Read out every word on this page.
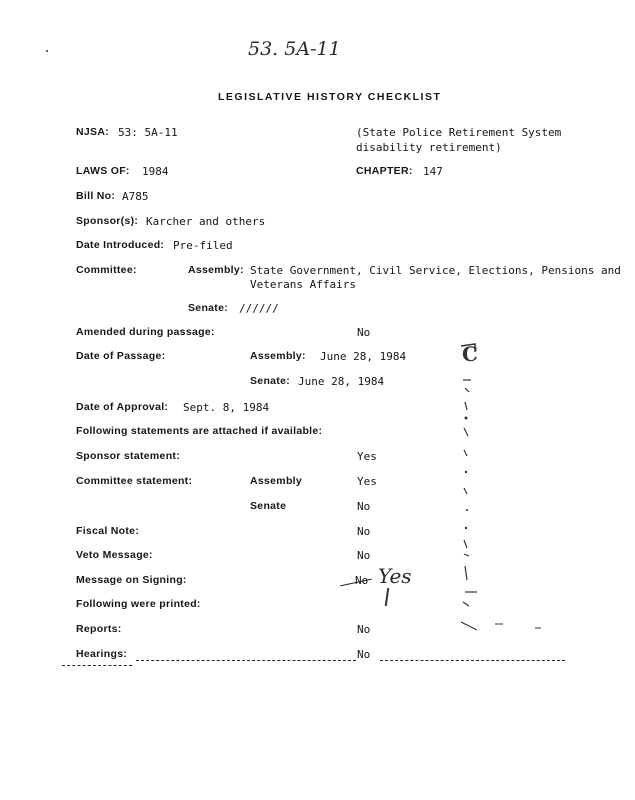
53. 5A-11
LEGISLATIVE HISTORY CHECKLIST
NJSA: 53: 5A-11	(State Police Retirement System
disability retirement)
LAWS OF: 1984	CHAPTER: 147
Bill No: A785
Sponsor(s): Karcher and others
Date Introduced: Pre-filed
Committee:	Assembly: State Government, Civil Service, Elections, Pensions and
Veterans Affairs
Senate: //////
Amended during passage:	No
Date of Passage:	Assembly: June 28, 1984
Senate: June 28, 1984
Date of Approval: Sept. 8, 1984
Following statements are attached if available:
Sponsor statement:	Yes
Committee statement:	Assembly	Yes
Senate	No
Fiscal Note:	No
Veto Message:	No
Message on Signing:	No Yes
Following were printed:
Reports:	No
Hearings:	No
C
